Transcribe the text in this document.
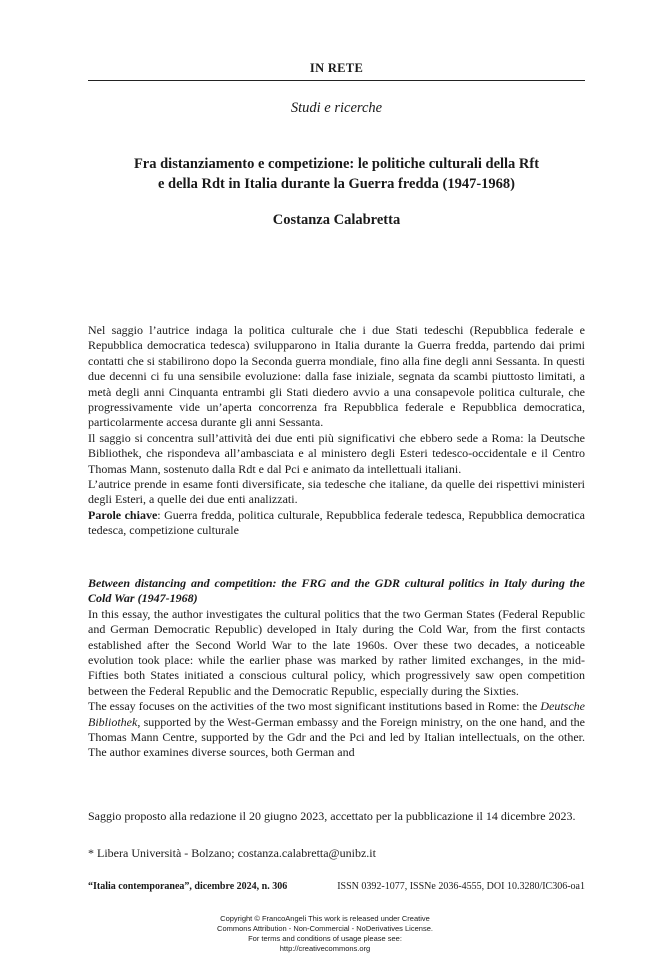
IN RETE
Studi e ricerche
Fra distanziamento e competizione: le politiche culturali della Rft
e della Rdt in Italia durante la Guerra fredda (1947-1968)
Costanza Calabretta

Nel saggio l’autrice indaga la politica culturale che i due Stati tedeschi (Repubblica federale e Repubblica democratica tedesca) svilupparono in Italia durante la Guerra fredda, partendo dai primi contatti che si stabilirono dopo la Seconda guerra mondiale, fino alla fine degli anni Sessanta. In questi due decenni ci fu una sensibile evoluzione: dalla fase iniziale, segnata da scambi piuttosto limitati, a metà degli anni Cinquanta entrambi gli Stati diedero avvio a una consapevole politica culturale, che progressivamente vide un’aperta concorrenza fra Repubblica federale e Repubblica democratica, particolarmente accesa durante gli anni Sessanta.

Il saggio si concentra sull’attività dei due enti più significativi che ebbero sede a Roma: la Deutsche Bibliothek, che rispondeva all’ambasciata e al ministero degli Esteri tedesco-occidentale e il Centro Thomas Mann, sostenuto dalla Rdt e dal Pci e animato da intellettuali italiani.

L’autrice prende in esame fonti diversificate, sia tedesche che italiane, da quelle dei rispettivi ministeri degli Esteri, a quelle dei due enti analizzati.

Parole chiave: Guerra fredda, politica culturale, Repubblica federale tedesca, Repubblica democratica tedesca, competizione culturale

Between distancing and competition: the FRG and the GDR cultural politics in Italy during the Cold War (1947-1968)

In this essay, the author investigates the cultural politics that the two German States (Federal Republic and German Democratic Republic) developed in Italy during the Cold War, from the first contacts established after the Second World War to the late 1960s. Over these two decades, a noticeable evolution took place: while the earlier phase was marked by rather limited exchanges, in the mid-Fifties both States initiated a conscious cultural policy, which progressively saw open competition between the Federal Republic and the Democratic Republic, especially during the Sixties.

The essay focuses on the activities of the two most significant institutions based in Rome: the Deutsche Bibliothek, supported by the West-German embassy and the Foreign ministry, on the one hand, and the Thomas Mann Centre, supported by the Gdr and the Pci and led by Italian intellectuals, on the other. The author examines diverse sources, both German and

Saggio proposto alla redazione il 20 giugno 2023, accettato per la pubblicazione il 14 dicembre 2023.

* Libera Università - Bolzano; costanza.calabretta@unibz.it
“Italia contemporanea”, dicembre 2024, n. 306	ISSN 0392-1077, ISSNe 2036-4555, DOI 10.3280/IC306-oa1
Copyright © FrancoAngeli This work is released under Creative
Commons Attribution - Non-Commercial - NoDerivatives License.
For terms and conditions of usage please see:
http://creativecommons.org
